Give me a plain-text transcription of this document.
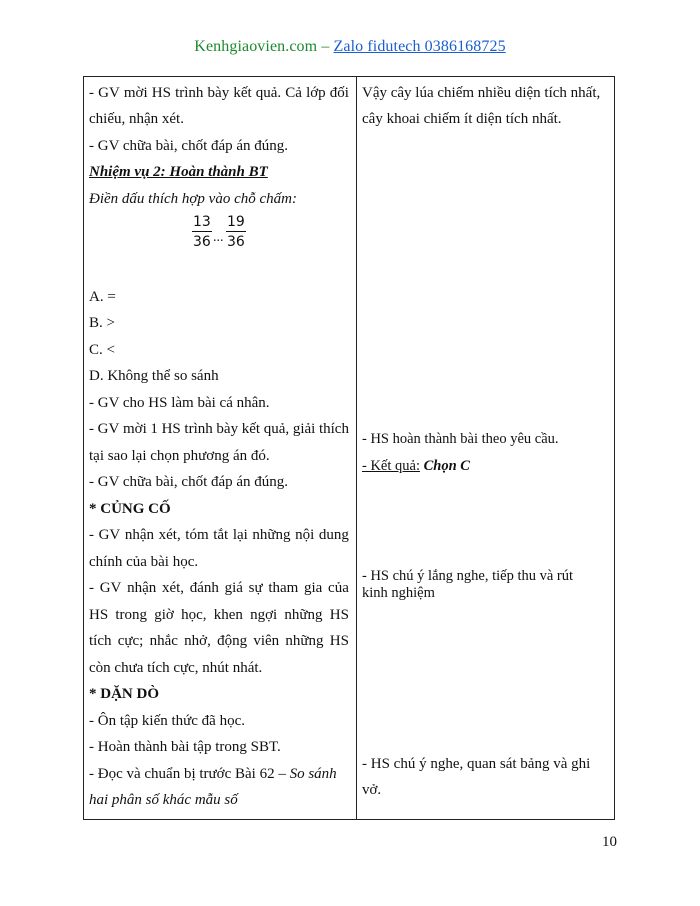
Kenhgiaovien.com – Zalo fidutech 0386168725
- GV mời HS trình bày kết quả. Cả lớp đối
chiếu, nhận xét.
- GV chữa bài, chốt đáp án đúng.
Nhiệm vụ 2: Hoàn thành BT
Điền dấu thích hợp vào chỗ chấm:
$\frac{13}{36}$ ... $\frac{19}{36}$
A. =
B. >
C. <
D. Không thể so sánh
- GV cho HS làm bài cá nhân.
- GV mời 1 HS trình bày kết quả, giải thích
tại sao lại chọn phương án đó.
- GV chữa bài, chốt đáp án đúng.
* CỦNG CỐ
- GV nhận xét, tóm tắt lại những nội dung
chính của bài học.
- GV nhận xét, đánh giá sự tham gia của
HS trong giờ học, khen ngợi những HS
tích cực; nhắc nhở, động viên những HS
còn chưa tích cực, nhút nhát.
* DẶN DÒ
- Ôn tập kiến thức đã học.
- Hoàn thành bài tập trong SBT.
- Đọc và chuẩn bị trước Bài 62 – So sánh
hai phân số khác mẫu số
Vậy cây lúa chiếm nhiều diện tích nhất,
cây khoai chiếm ít diện tích nhất.
- HS hoàn thành bài theo yêu cầu.
- Kết quả: Chọn C
- HS chú ý lắng nghe, tiếp thu và rút
kinh nghiệm
- HS chú ý nghe, quan sát bảng và ghi
vở.
10
